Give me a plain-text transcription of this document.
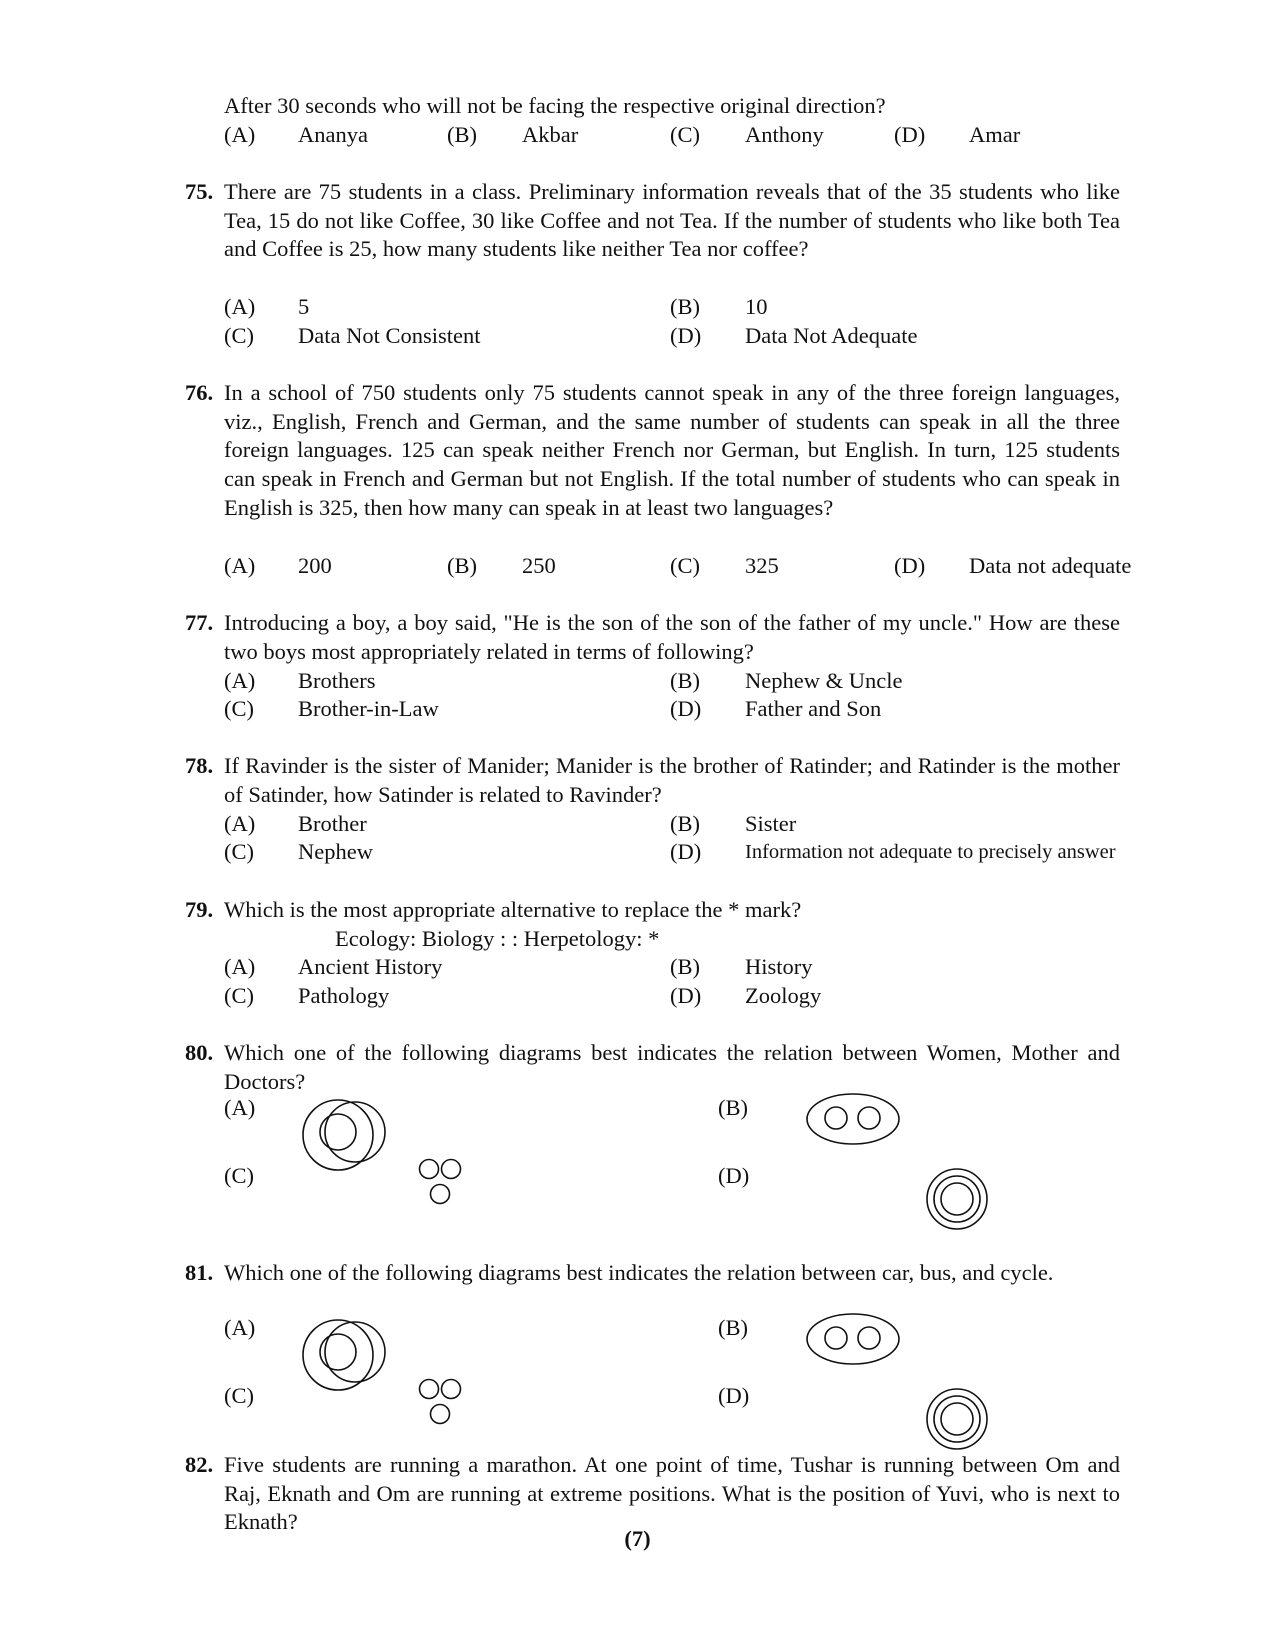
After 30 seconds who will not be facing the respective original direction?
(A) Ananya	(B) Akbar	(C) Anthony	(D) Amar
75. There are 75 students in a class. Preliminary information reveals that of the 35 students who like Tea, 15 do not like Coffee, 30 like Coffee and not Tea. If the number of students who like both Tea and Coffee is 25, how many students like neither Tea nor coffee?
(A) 5	(B) 10
(C) Data Not Consistent	(D) Data Not Adequate
76. In a school of 750 students only 75 students cannot speak in any of the three foreign languages, viz., English, French and German, and the same number of students can speak in all the three foreign languages. 125 can speak neither French nor German, but English. In turn, 125 students can speak in French and German but not English. If the total number of students who can speak in English is 325, then how many can speak in at least two languages?
(A) 200	(B) 250	(C) 325	(D) Data not adequate
77. Introducing a boy, a boy said, "He is the son of the son of the father of my uncle." How are these two boys most appropriately related in terms of following?
(A) Brothers	(B) Nephew & Uncle
(C) Brother-in-Law	(D) Father and Son
78. If Ravinder is the sister of Manider; Manider is the brother of Ratinder; and Ratinder is the mother of Satinder, how Satinder is related to Ravinder?
(A) Brother	(B) Sister
(C) Nephew	(D) Information not adequate to precisely answer
79. Which is the most appropriate alternative to replace the * mark?
Ecology: Biology : : Herpetology: *
(A) Ancient History	(B) History
(C) Pathology	(D) Zoology
80. Which one of the following diagrams best indicates the relation between Women, Mother and Doctors?
(A)	(B)
(C)	(D)
81. Which one of the following diagrams best indicates the relation between car, bus, and cycle.
(A)	(B)
(C)	(D)
82. Five students are running a marathon. At one point of time, Tushar is running between Om and Raj, Eknath and Om are running at extreme positions. What is the position of Yuvi, who is next to Eknath?
(7)
